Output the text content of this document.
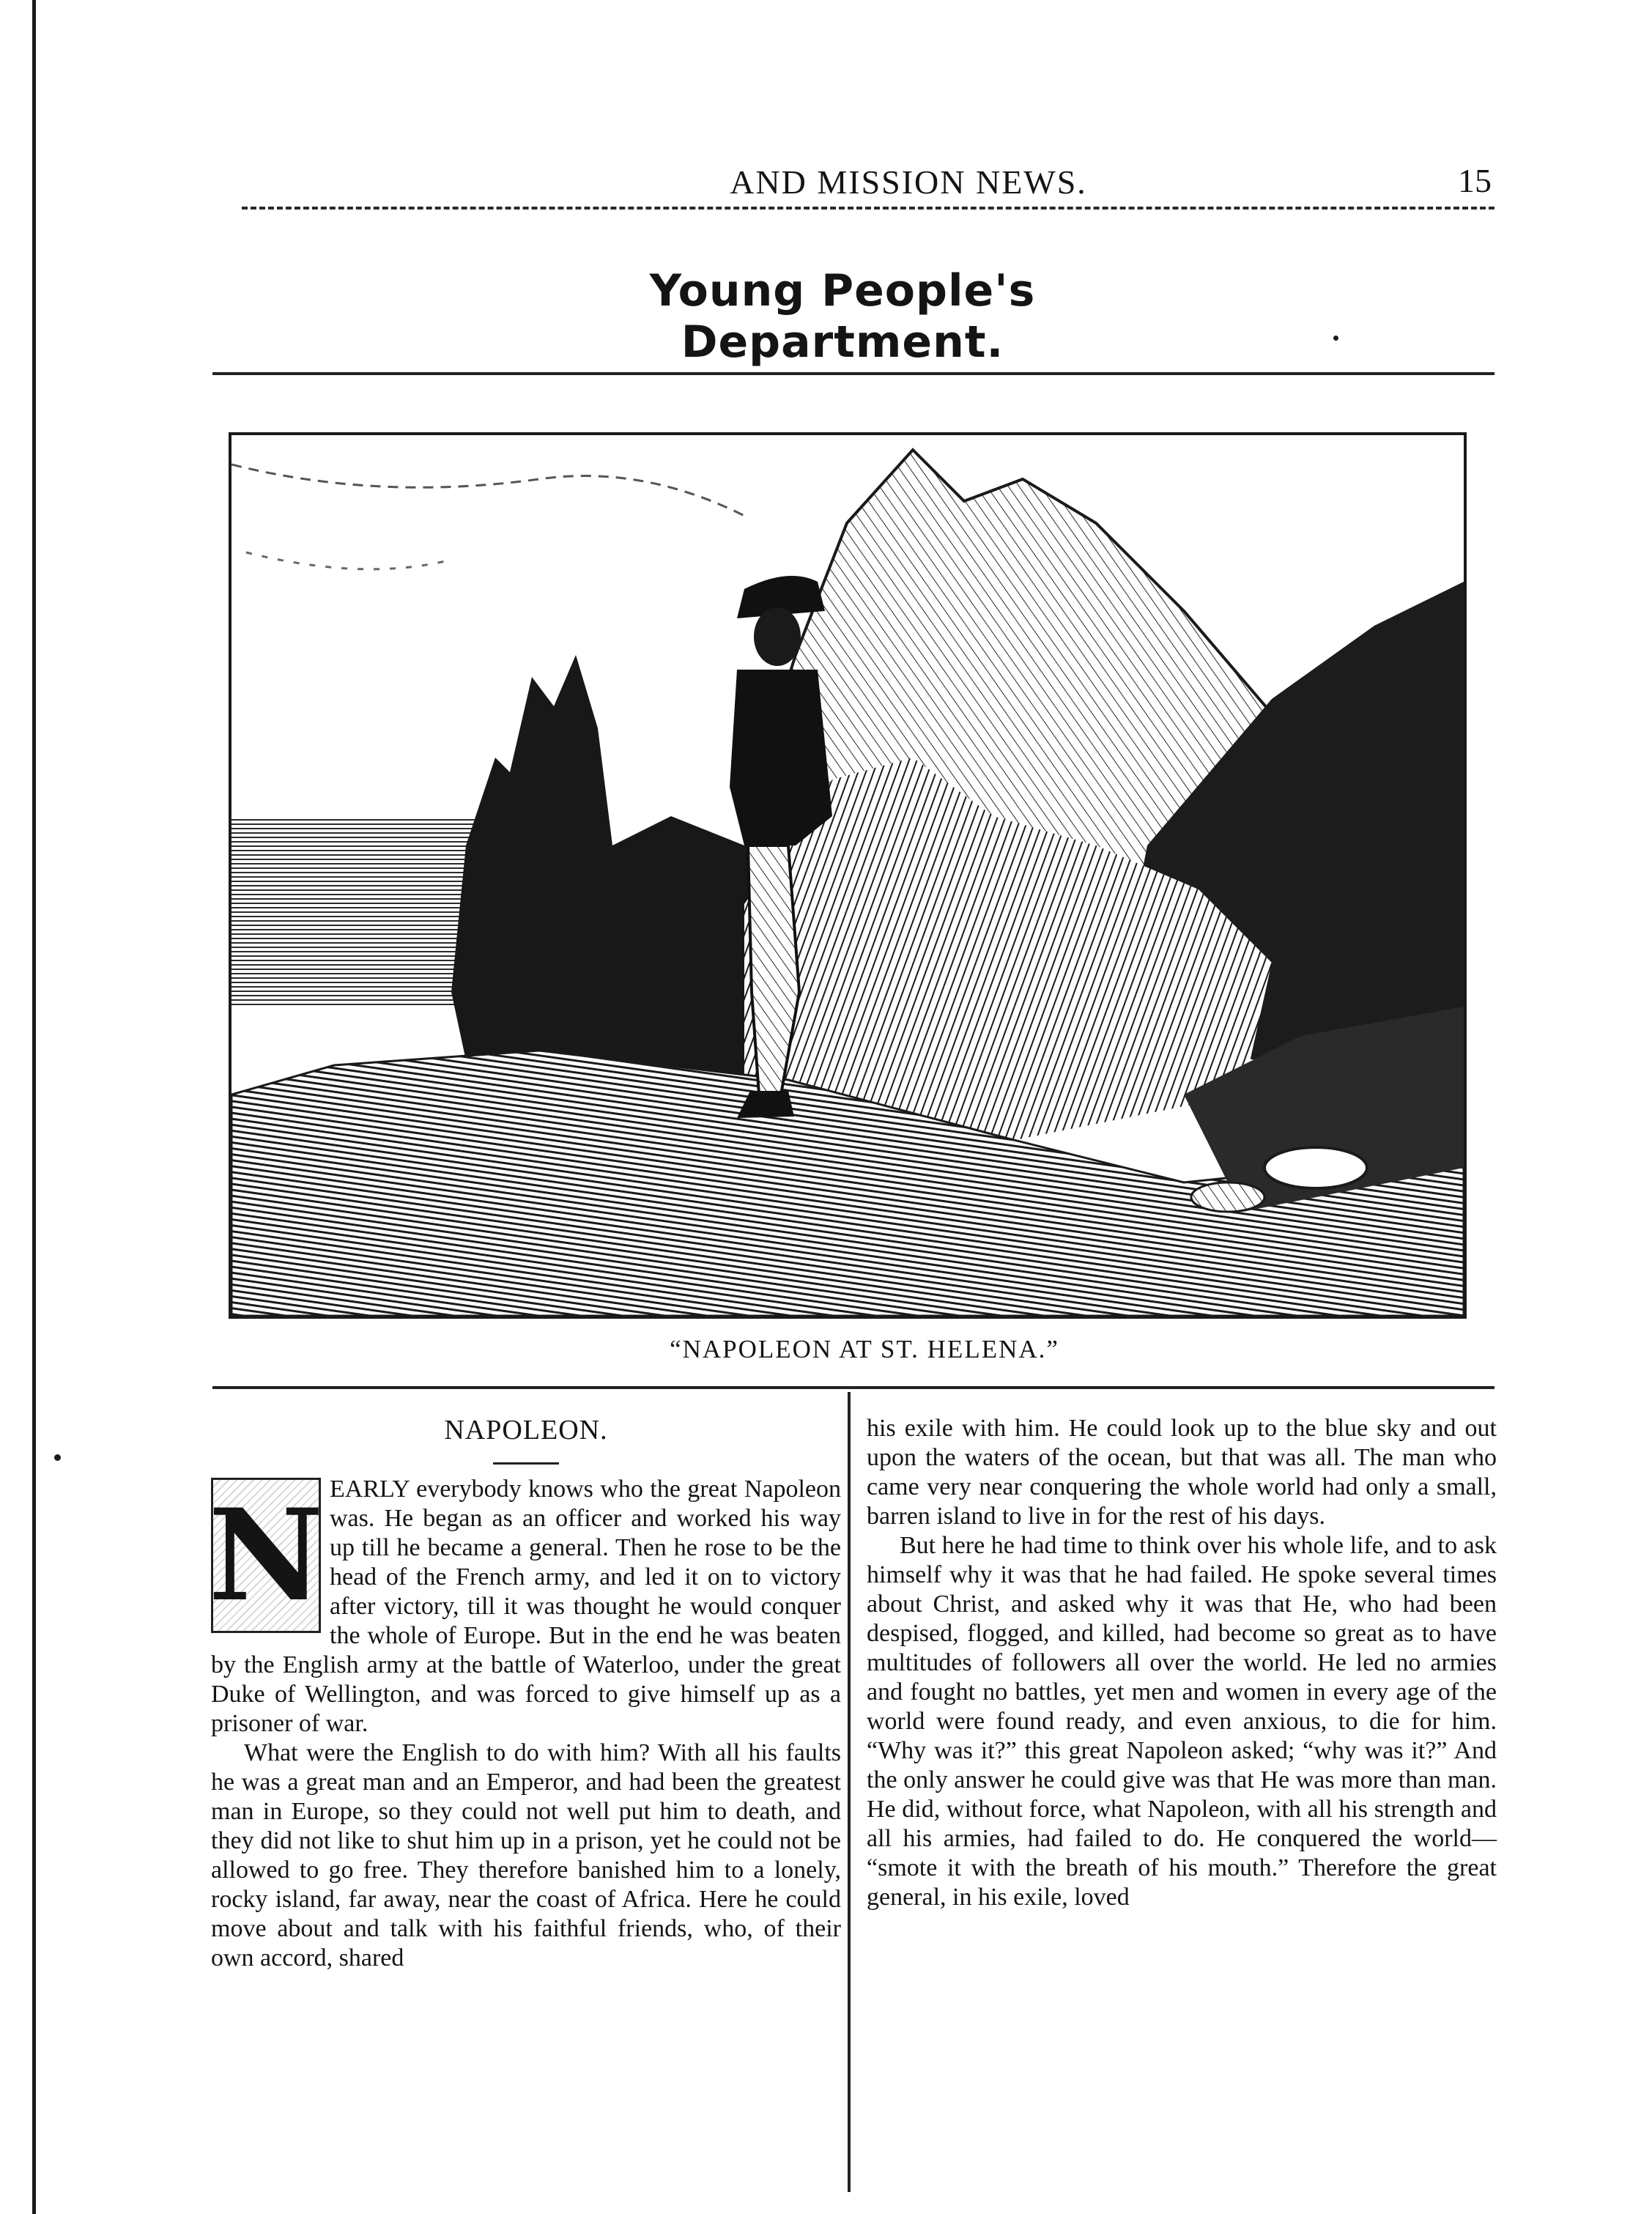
AND MISSION NEWS.	15
Young People's Department.
“NAPOLEON AT ST. HELENA.”
NAPOLEON.
N EARLY everybody knows who the great Napoleon was. He began as an officer and worked his way up till he became a general. Then he rose to be the head of the French army, and led it on to victory after victory, till it was thought he would conquer the whole of Europe. But in the end he was beaten by the English army at the battle of Waterloo, under the great Duke of Wellington, and was forced to give himself up as a prisoner of war.

What were the English to do with him? With all his faults he was a great man and an Emperor, and had been the greatest man in Europe, so they could not well put him to death, and they did not like to shut him up in a prison, yet he could not be allowed to go free. They therefore banished him to a lonely, rocky island, far away, near the coast of Africa. Here he could move about and talk with his faithful friends, who, of their own accord, shared

his exile with him. He could look up to the blue sky and out upon the waters of the ocean, but that was all. The man who came very near conquering the whole world had only a small, barren island to live in for the rest of his days.

But here he had time to think over his whole life, and to ask himself why it was that he had failed. He spoke several times about Christ, and asked why it was that He, who had been despised, flogged, and killed, had become so great as to have multitudes of followers all over the world. He led no armies and fought no battles, yet men and women in every age of the world were found ready, and even anxious, to die for him. “Why was it?” this great Napoleon asked; “why was it?” And the only answer he could give was that He was more than man. He did, without force, what Napoleon, with all his strength and all his armies, had failed to do. He conquered the world— “smote it with the breath of his mouth.” Therefore the great general, in his exile, loved
